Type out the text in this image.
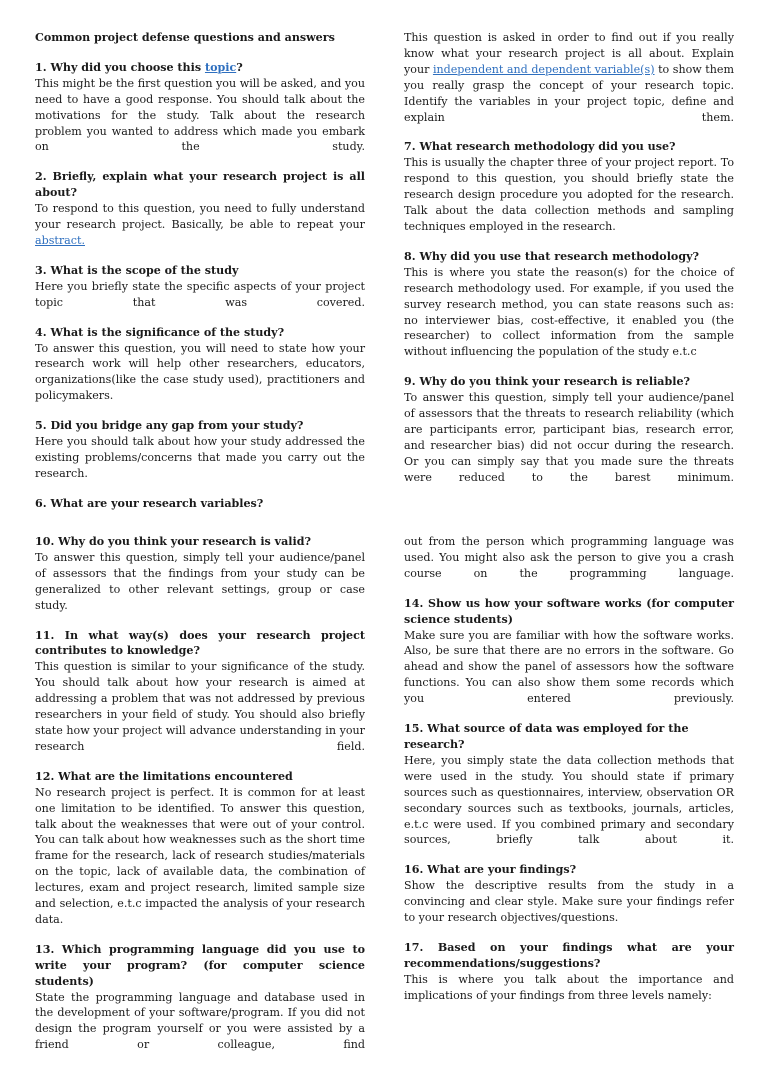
Common project defense questions and answers
1. Why did you choose this topic?

This might be the first question you will be asked, and you need to have a good response. You should talk about the motivations for the study. Talk about the research problem you wanted to address which made you embark on the study.

2. Briefly, explain what your research project is all about?

To respond to this question, you need to fully understand your research project. Basically, be able to repeat your abstract.

3. What is the scope of the study

Here you briefly state the specific aspects of your project topic that was covered.

4. What is the significance of the study?

To answer this question, you will need to state how your research work will help other researchers, educators, organizations(like the case study used), practitioners and policymakers.

5. Did you bridge any gap from your study?

Here you should talk about how your study addressed the existing problems/concerns that made you carry out the research.

6. What are your research variables?

This question is asked in order to find out if you really know what your research project is all about. Explain your independent and dependent variable(s) to show them you really grasp the concept of your research topic. Identify the variables in your project topic, define and explain them.

7. What research methodology did you use?

This is usually the chapter three of your project report. To respond to this question, you should briefly state the research design procedure you adopted for the research. Talk about the data collection methods and sampling techniques employed in the research.

8. Why did you use that research methodology?

This is where you state the reason(s) for the choice of research methodology used. For example, if you used the survey research method, you can state reasons such as: no interviewer bias, cost-effective, it enabled you (the researcher) to collect information from the sample without influencing the population of the study e.t.c

9. Why do you think your research is reliable?

To answer this question, simply tell your audience/panel of assessors that the threats to research reliability (which are participants error, participant bias, research error, and researcher bias) did not occur during the research. Or you can simply say that you made sure the threats were reduced to the barest minimum.

10. Why do you think your research is valid?

To answer this question, simply tell your audience/panel of assessors that the findings from your study can be generalized to other relevant settings, group or case study.

11. In what way(s) does your research project contributes to knowledge?

This question is similar to your significance of the study. You should talk about how your research is aimed at addressing a problem that was not addressed by previous researchers in your field of study. You should also briefly state how your project will advance understanding in your research field.

12. What are the limitations encountered

No research project is perfect. It is common for at least one limitation to be identified. To answer this question, talk about the weaknesses that were out of your control. You can talk about how weaknesses such as the short time frame for the research, lack of research studies/materials on the topic, lack of available data, the combination of lectures, exam and project research, limited sample size and selection, e.t.c impacted the analysis of your research data.

13. Which programming language did you use to write your program? (for computer science students)

State the programming language and database used in the development of your software/program. If you did not design the program yourself or you were assisted by a friend or colleague, find

out from the person which programming language was used. You might also ask the person to give you a crash course on the programming language.

14. Show us how your software works (for computer science students)

Make sure you are familiar with how the software works. Also, be sure that there are no errors in the software. Go ahead and show the panel of assessors how the software functions. You can also show them some records which you entered previously.

15. What source of data was employed for the research?

Here, you simply state the data collection methods that were used in the study. You should state if primary sources such as questionnaires, interview, observation OR secondary sources such as textbooks, journals, articles, e.t.c were used. If you combined primary and secondary sources, briefly talk about it.

16. What are your findings?

Show the descriptive results from the study in a convincing and clear style. Make sure your findings refer to your research objectives/questions.

17. Based on your findings what are your recommendations/suggestions?

This is where you talk about the importance and implications of your findings from three levels namely:
